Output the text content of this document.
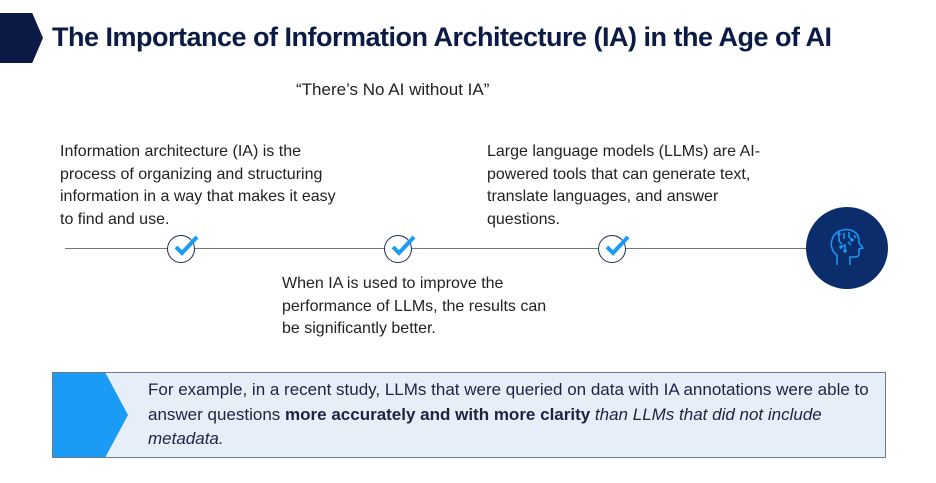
The Importance of Information Architecture (IA) in the Age of AI
“There’s No AI without IA”
Information architecture (IA) is the process of organizing and structuring information in a way that makes it easy to find and use.
When IA is used to improve the performance of LLMs, the results can be significantly better.
Large language models (LLMs) are AI-powered tools that can generate text, translate languages, and answer questions.
For example, in a recent study, LLMs that were queried on data with IA annotations were able to answer questions more accurately and with more clarity than LLMs that did not include metadata.
